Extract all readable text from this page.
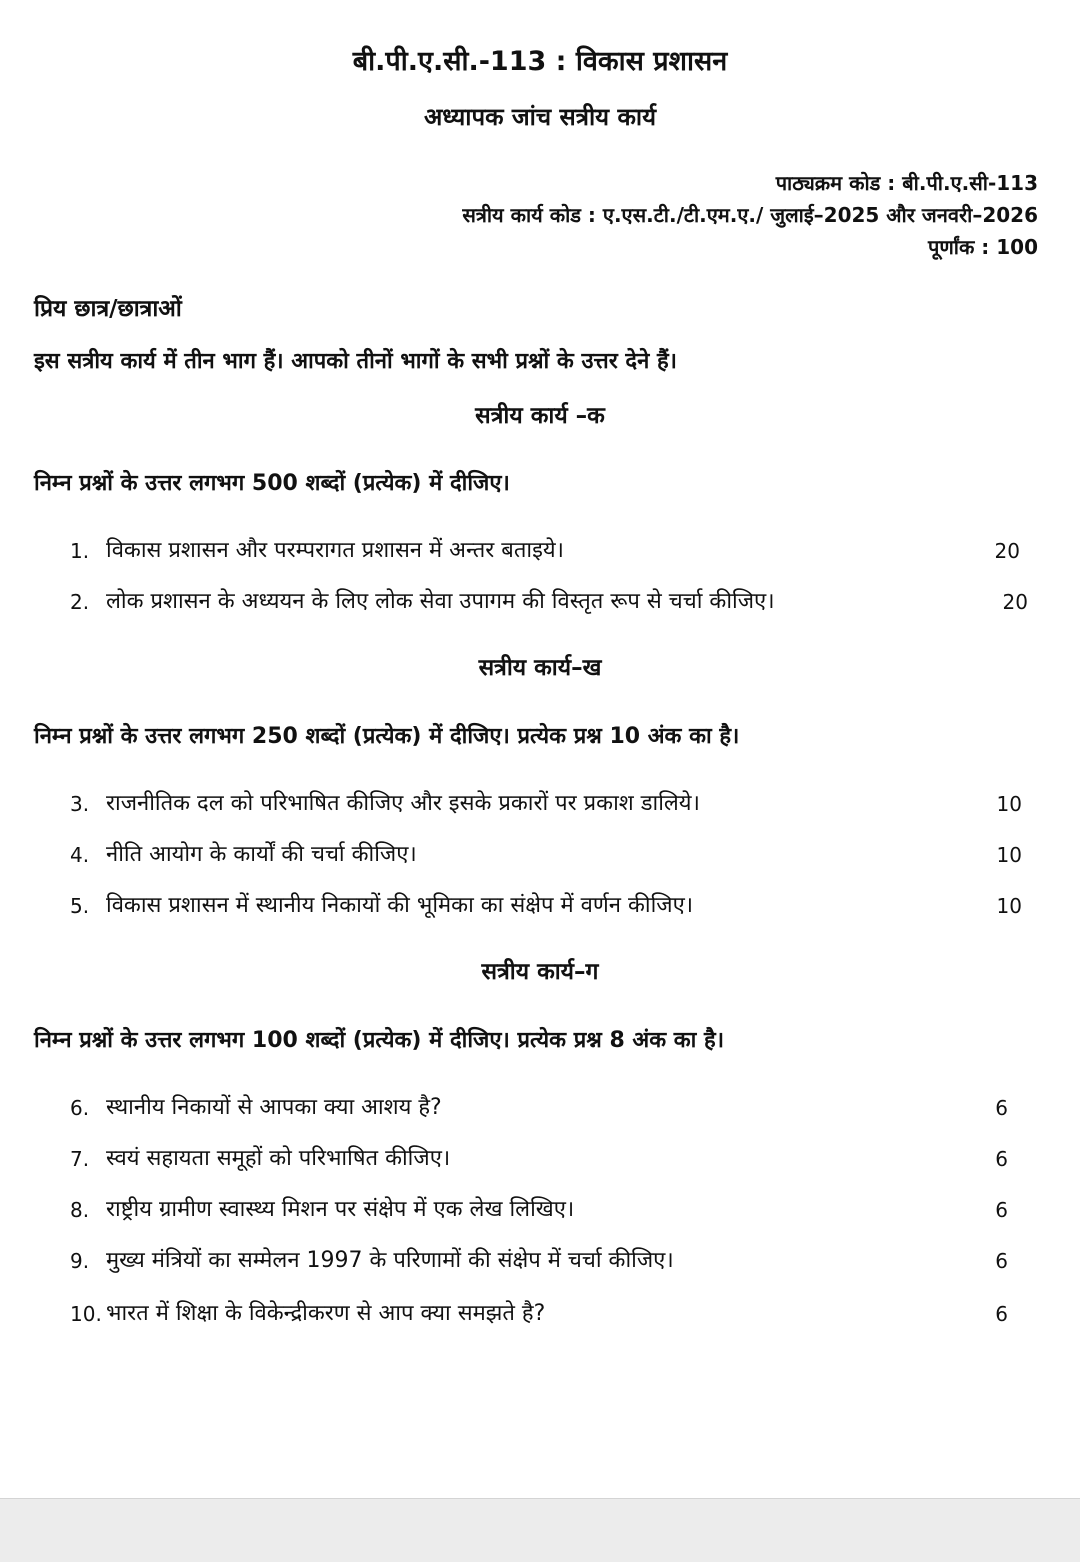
बी.पी.ए.सी.-113 : विकास प्रशासन
अध्यापक जांच सत्रीय कार्य
पाठ्यक्रम कोड : बी.पी.ए.सी-113
सत्रीय कार्य कोड : ए.एस.टी./टी.एम.ए./ जुलाई–2025 और जनवरी–2026
पूर्णांक : 100
प्रिय छात्र/छात्राओं
इस सत्रीय कार्य में तीन भाग हैं। आपको तीनों भागों के सभी प्रश्नों के उत्तर देने हैं।
सत्रीय कार्य –क
निम्न प्रश्नों के उत्तर लगभग 500 शब्दों (प्रत्येक) में दीजिए।
1. विकास प्रशासन और परम्परागत प्रशासन में अन्तर बताइये।	20
2. लोक प्रशासन के अध्ययन के लिए लोक सेवा उपागम की विस्तृत रूप से चर्चा कीजिए।	20
सत्रीय कार्य–ख
निम्न प्रश्नों के उत्तर लगभग 250 शब्दों (प्रत्येक) में दीजिए। प्रत्येक प्रश्न 10 अंक का है।
3. राजनीतिक दल को परिभाषित कीजिए और इसके प्रकारों पर प्रकाश डालिये।	10
4. नीति आयोग के कार्यों की चर्चा कीजिए।	10
5. विकास प्रशासन में स्थानीय निकायों की भूमिका का संक्षेप में वर्णन कीजिए।	10
सत्रीय कार्य–ग
निम्न प्रश्नों के उत्तर लगभग 100 शब्दों (प्रत्येक) में दीजिए। प्रत्येक प्रश्न 8 अंक का है।
6. स्थानीय निकायों से आपका क्या आशय है?	6
7. स्वयं सहायता समूहों को परिभाषित कीजिए।	6
8. राष्ट्रीय ग्रामीण स्वास्थ्य मिशन पर संक्षेप में एक लेख लिखिए।	6
9. मुख्य मंत्रियों का सम्मेलन 1997 के परिणामों की संक्षेप में चर्चा कीजिए।	6
10. भारत में शिक्षा के विकेन्द्रीकरण से आप क्या समझते है?	6
